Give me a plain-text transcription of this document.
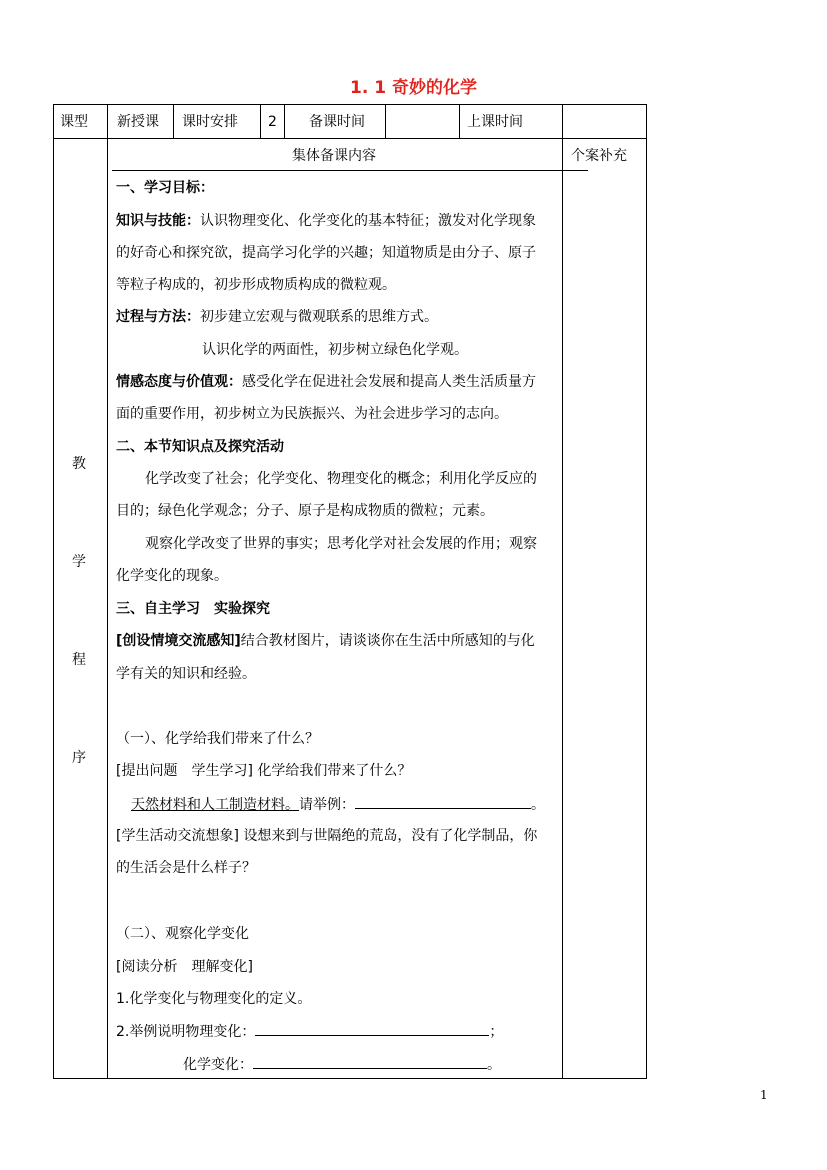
1. 1 奇妙的化学
课型 新授课 课时安排 2 备课时间	上课时间
教
学
程
序
集体备课内容	个案补充
一、学习目标：
知识与技能：认识物理变化、化学变化的基本特征；激发对化学现象
的好奇心和探究欲，提高学习化学的兴趣；知道物质是由分子、原子
等粒子构成的，初步形成物质构成的微粒观。
过程与方法：初步建立宏观与微观联系的思维方式。
认识化学的两面性，初步树立绿色化学观。
情感态度与价值观：感受化学在促进社会发展和提高人类生活质量方
面的重要作用，初步树立为民族振兴、为社会进步学习的志向。
二、本节知识点及探究活动
化学改变了社会；化学变化、物理变化的概念；利用化学反应的
目的；绿色化学观念；分子、原子是构成物质的微粒；元素。
观察化学改变了世界的事实；思考化学对社会发展的作用；观察
化学变化的现象。
三、自主学习　实验探究
[创设情境交流感知]结合教材图片，请谈谈你在生活中所感知的与化
学有关的知识和经验。
（一）、化学给我们带来了什么？
[提出问题　学生学习] 化学给我们带来了什么？
天然材料和人工制造材料。请举例：	。
[学生活动交流想象] 设想来到与世隔绝的荒岛，没有了化学制品，你
的生活会是什么样子？
（二）、观察化学变化
[阅读分析　理解变化]
1.化学变化与物理变化的定义。
2.举例说明物理变化：	；
化学变化：	。
1
